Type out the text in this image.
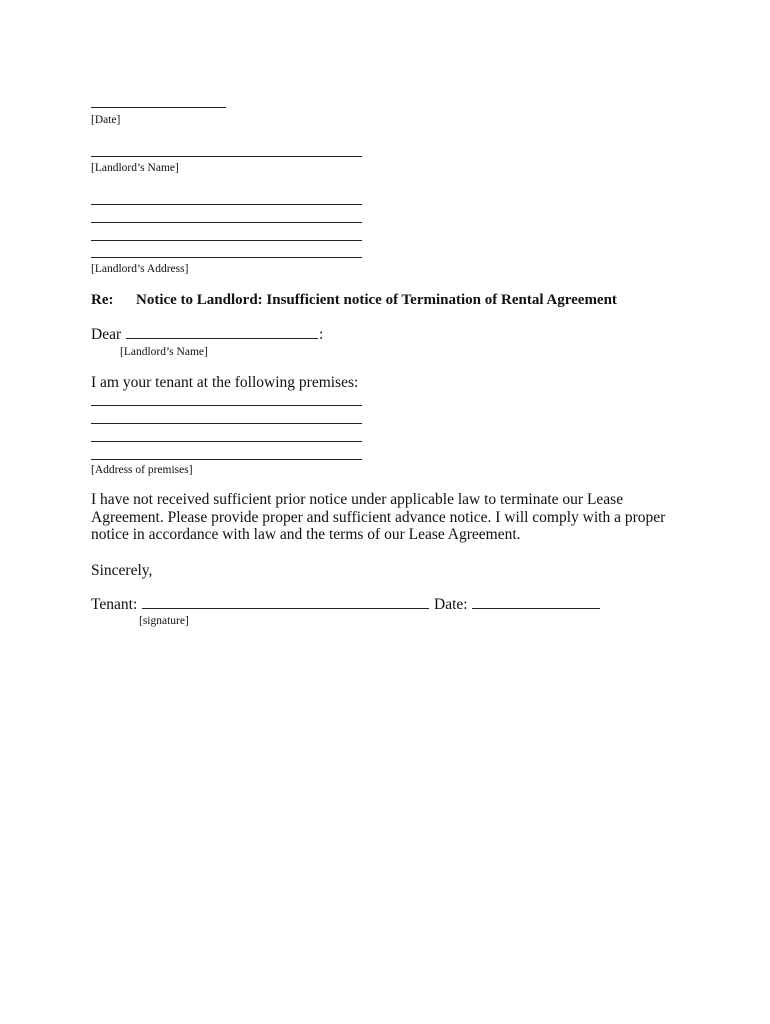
[Date]
[Landlord’s Name]
[Landlord’s Address]
Re: Notice to Landlord: Insufficient notice of Termination of Rental Agreement
Dear	:
[Landlord’s Name]
I am your tenant at the following premises:
[Address of premises]
I have not received sufficient prior notice under applicable law to terminate our Lease
Agreement. Please provide proper and sufficient advance notice. I will comply with a proper
notice in accordance with law and the terms of our Lease Agreement.
Sincerely,
Tenant:	Date:
[signature]
